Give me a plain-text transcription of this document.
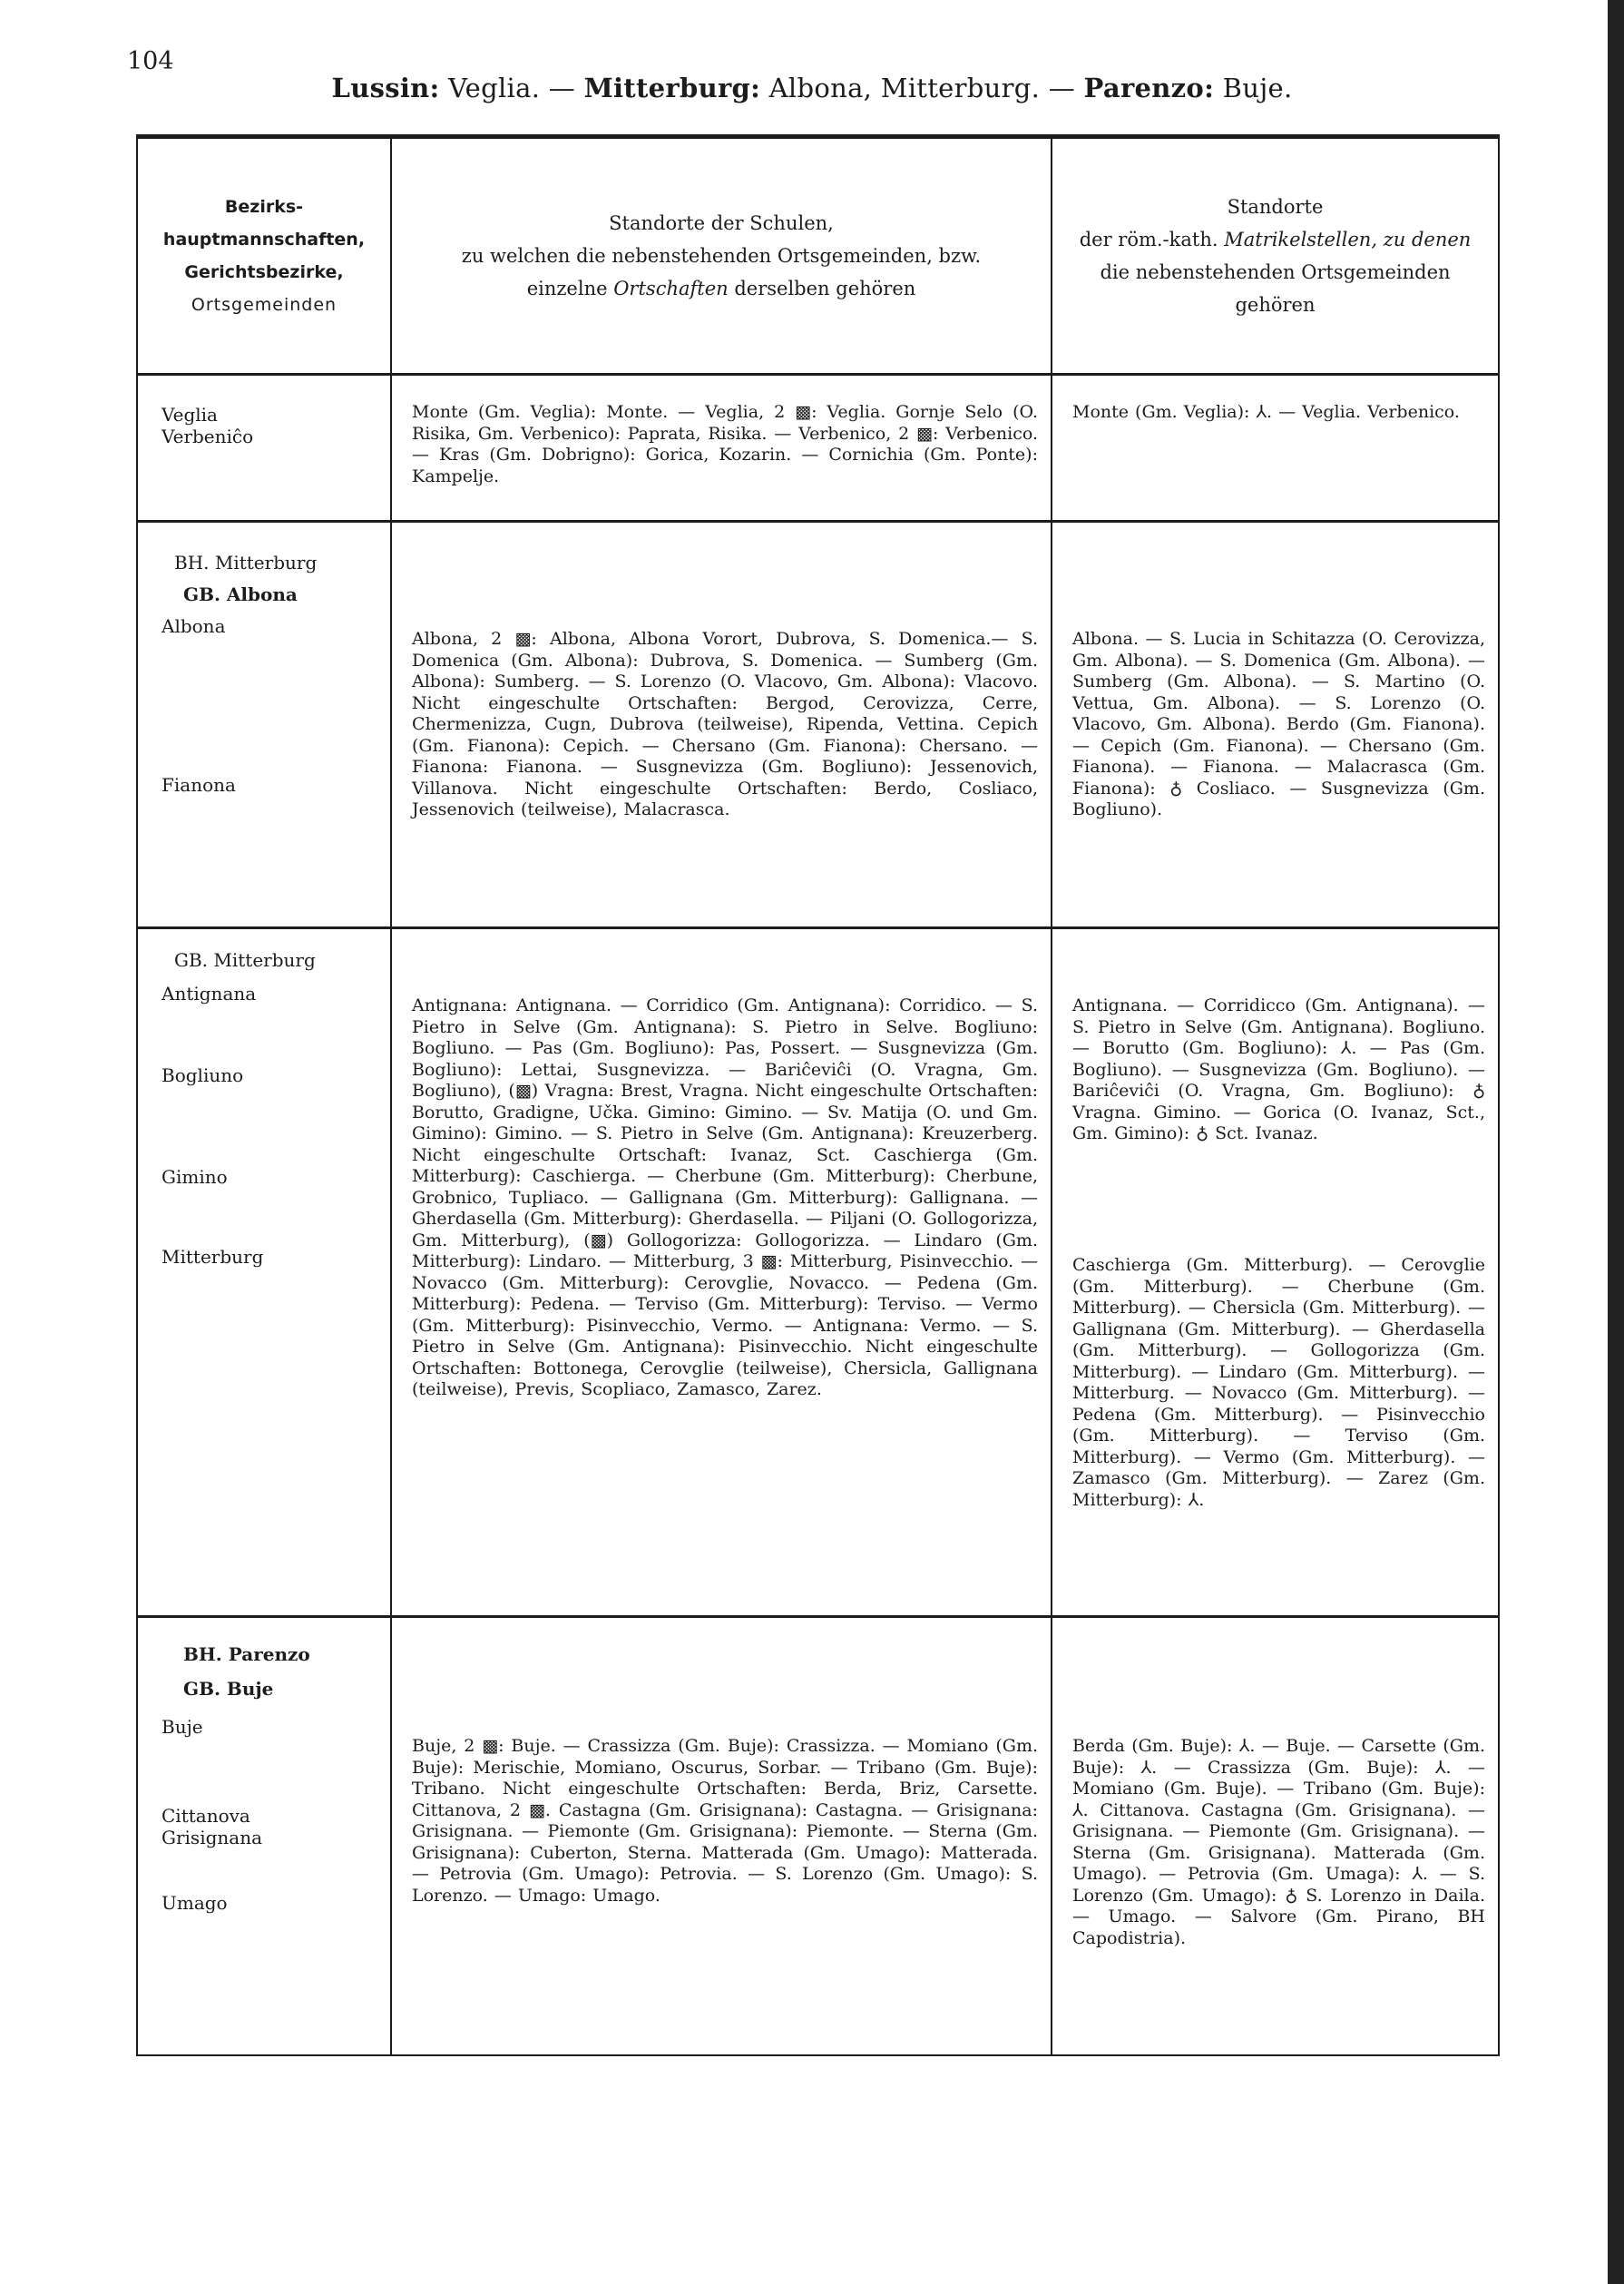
104
Lussin: Veglia. — Mitterburg: Albona, Mitterburg. — Parenzo: Buje.
Bezirks-
hauptmannschaften,
Gerichtsbezirke,
Ortsgemeinden
Standorte der Schulen,
zu welchen die nebenstehenden Ortsgemeinden, bzw.
einzelne Ortschaften derselben gehören
Standorte
der röm.-kath. Matrikelstellen, zu denen
die nebenstehenden Ortsgemeinden
gehören
Veglia
Verbeniĉo
Monte (Gm. Veglia): Monte. — Veglia, 2 ▩: Veglia. Gornje Selo (O. Risika, Gm. Verbenico): Paprata, Risika. — Verbenico, 2 ▩: Verbenico. — Kras (Gm. Dobrigno): Gorica, Kozarin. — Cornichia (Gm. Ponte): Kampelje.
Monte (Gm. Veglia): ⅄. — Veglia. Verbenico.
BH. Mitterburg
GB. Albona
Albona
Fianona
Albona, 2 ▩: Albona, Albona Vorort, Dubrova, S. Domenica.— S. Domenica (Gm. Albona): Dubrova, S. Domenica. — Sumberg (Gm. Albona): Sumberg. — S. Lorenzo (O. Vlacovo, Gm. Albona): Vlacovo. Nicht eingeschulte Ortschaften: Bergod, Cerovizza, Cerre, Chermenizza, Cugn, Dubrova (teilweise), Ripenda, Vettina. Cepich (Gm. Fianona): Cepich. — Chersano (Gm. Fianona): Chersano. — Fianona: Fianona. — Susgnevizza (Gm. Bogliuno): Jessenovich, Villanova. Nicht eingeschulte Ortschaften: Berdo, Cosliaco, Jessenovich (teilweise), Malacrasca.
Albona. — S. Lucia in Schitazza (O. Cerovizza, Gm. Albona). — S. Domenica (Gm. Albona). — Sumberg (Gm. Albona). — S. Martino (O. Vettua, Gm. Albona). — S. Lorenzo (O. Vlacovo, Gm. Albona). Berdo (Gm. Fianona). — Cepich (Gm. Fianona). — Chersano (Gm. Fianona). — Fianona. — Malacrasca (Gm. Fianona): ♁ Cosliaco. — Susgnevizza (Gm. Bogliuno).
GB. Mitterburg
Antignana
Bogliuno
Gimino
Mitterburg
Antignana: Antignana. — Corridico (Gm. Antignana): Corridico. — S. Pietro in Selve (Gm. Antignana): S. Pietro in Selve. Bogliuno: Bogliuno. — Pas (Gm. Bogliuno): Pas, Possert. — Susgnevizza (Gm. Bogliuno): Lettai, Susgnevizza. — Bariĉeviĉi (O. Vragna, Gm. Bogliuno), (▩) Vragna: Brest, Vragna. Nicht eingeschulte Ortschaften: Borutto, Gradigne, Učka. Gimino: Gimino. — Sv. Matija (O. und Gm. Gimino): Gimino. — S. Pietro in Selve (Gm. Antignana): Kreuzerberg. Nicht eingeschulte Ortschaft: Ivanaz, Sct. Caschierga (Gm. Mitterburg): Caschierga. — Cherbune (Gm. Mitterburg): Cherbune, Grobnico, Tupliaco. — Gallignana (Gm. Mitterburg): Gallignana. — Gherdasella (Gm. Mitterburg): Gherdasella. — Piljani (O. Gollogorizza, Gm. Mitterburg), (▩) Gollogorizza: Gollogorizza. — Lindaro (Gm. Mitterburg): Lindaro. — Mitterburg, 3 ▩: Mitterburg, Pisinvecchio. — Novacco (Gm. Mitterburg): Cerovglie, Novacco. — Pedena (Gm. Mitterburg): Pedena. — Terviso (Gm. Mitterburg): Terviso. — Vermo (Gm. Mitterburg): Pisinvecchio, Vermo. — Antignana: Vermo. — S. Pietro in Selve (Gm. Antignana): Pisinvecchio. Nicht eingeschulte Ortschaften: Bottonega, Cerovglie (teilweise), Chersicla, Gallignana (teilweise), Previs, Scopliaco, Zamasco, Zarez.
Antignana. — Corridicco (Gm. Antignana). — S. Pietro in Selve (Gm. Antignana). Bogliuno. — Borutto (Gm. Bogliuno): ⅄. — Pas (Gm. Bogliuno). — Susgnevizza (Gm. Bogliuno). — Bariĉeviĉi (O. Vragna, Gm. Bogliuno): ♁ Vragna. Gimino. — Gorica (O. Ivanaz, Sct., Gm. Gimino): ♁ Sct. Ivanaz.
Caschierga (Gm. Mitterburg). — Cerovglie (Gm. Mitterburg). — Cherbune (Gm. Mitterburg). — Chersicla (Gm. Mitterburg). — Gallignana (Gm. Mitterburg). — Gherdasella (Gm. Mitterburg). — Gollogorizza (Gm. Mitterburg). — Lindaro (Gm. Mitterburg). — Mitterburg. — Novacco (Gm. Mitterburg). — Pedena (Gm. Mitterburg). — Pisinvecchio (Gm. Mitterburg). — Terviso (Gm. Mitterburg). — Vermo (Gm. Mitterburg). — Zamasco (Gm. Mitterburg). — Zarez (Gm. Mitterburg): ⅄.
BH. Parenzo
GB. Buje
Buje
Cittanova
Grisignana
Umago
Buje, 2 ▩: Buje. — Crassizza (Gm. Buje): Crassizza. — Momiano (Gm. Buje): Merischie, Momiano, Oscurus, Sorbar. — Tribano (Gm. Buje): Tribano. Nicht eingeschulte Ortschaften: Berda, Briz, Carsette. Cittanova, 2 ▩. Castagna (Gm. Grisignana): Castagna. — Grisignana: Grisignana. — Piemonte (Gm. Grisignana): Piemonte. — Sterna (Gm. Grisignana): Cuberton, Sterna. Matterada (Gm. Umago): Matterada. — Petrovia (Gm. Umago): Petrovia. — S. Lorenzo (Gm. Umago): S. Lorenzo. — Umago: Umago.
Berda (Gm. Buje): ⅄. — Buje. — Carsette (Gm. Buje): ⅄. — Crassizza (Gm. Buje): ⅄. — Momiano (Gm. Buje). — Tribano (Gm. Buje): ⅄. Cittanova. Castagna (Gm. Grisignana). — Grisignana. — Piemonte (Gm. Grisignana). — Sterna (Gm. Grisignana). Matterada (Gm. Umago). — Petrovia (Gm. Umaga): ⅄. — S. Lorenzo (Gm. Umago): ♁ S. Lorenzo in Daila. — Umago. — Salvore (Gm. Pirano, BH Capodistria).
